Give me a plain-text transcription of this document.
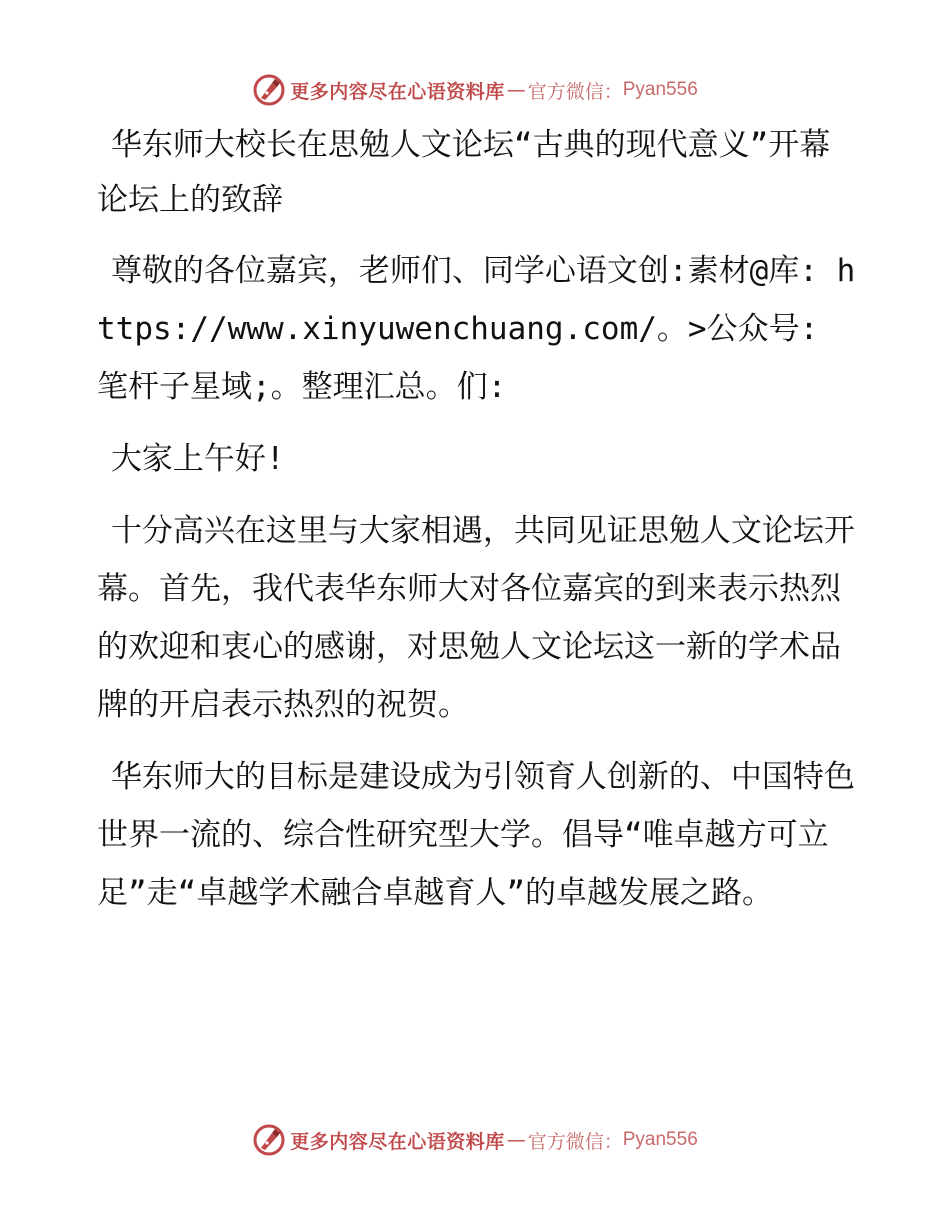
更多内容尽在心语资料库 — 官方微信： Pyan556
华东师大校长在思勉人文论坛“古典的现代意义”开幕论坛上的致辞
尊敬的各位嘉宾，老师们、同学心语文创:素材@库: https://www.xinyuwenchuang.com/。>公众号: 笔杆子星域;。整理汇总。们:
大家上午好!
十分高兴在这里与大家相遇，共同见证思勉人文论坛开幕。首先，我代表华东师大对各位嘉宾的到来表示热烈的欢迎和衷心的感谢，对思勉人文论坛这一新的学术品牌的开启表示热烈的祝贺。
华东师大的目标是建设成为引领育人创新的、中国特色世界一流的、综合性研究型大学。倡导“唯卓越方可立足”走“卓越学术融合卓越育人”的卓越发展之路。
更多内容尽在心语资料库 — 官方微信： Pyan556
